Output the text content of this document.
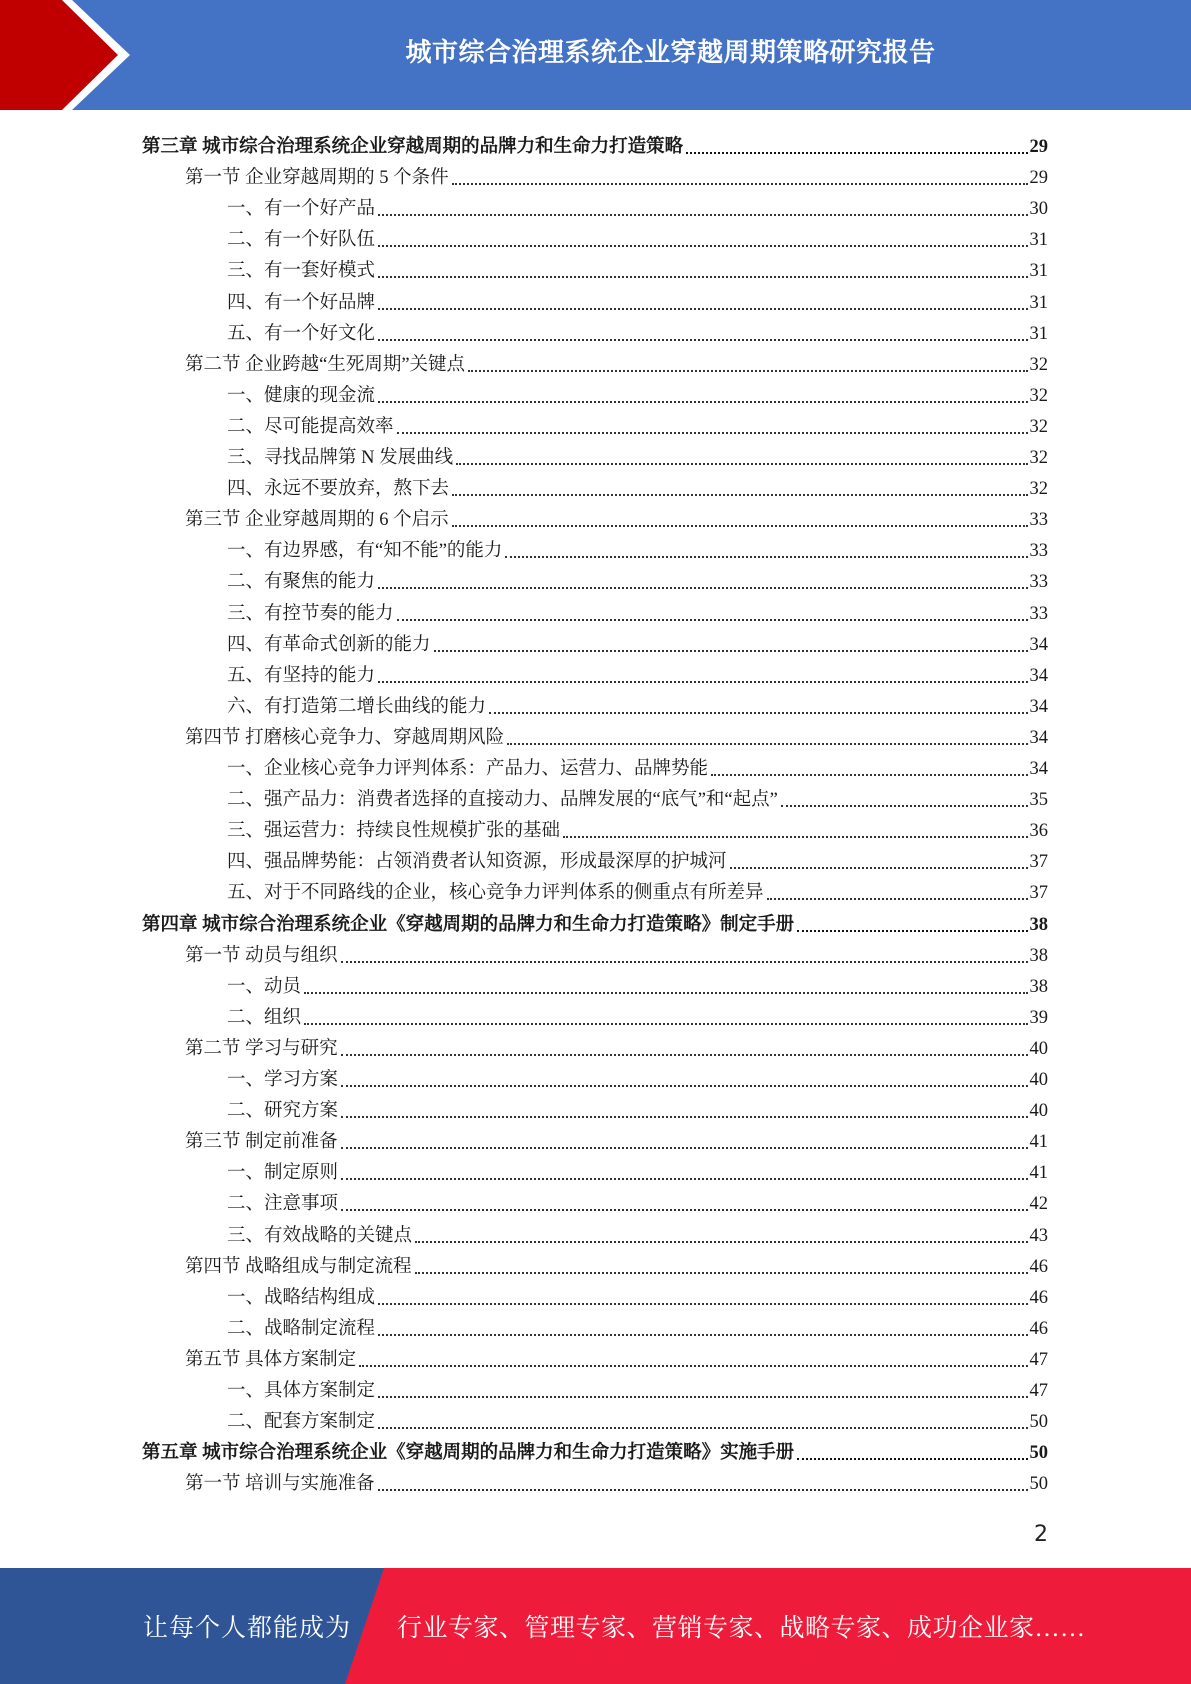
城市综合治理系统企业穿越周期策略研究报告
第三章 城市综合治理系统企业穿越周期的品牌力和生命力打造策略	29
第一节 企业穿越周期的 5 个条件	29
一、有一个好产品	30
二、有一个好队伍	31
三、有一套好模式	31
四、有一个好品牌	31
五、有一个好文化	31
第二节 企业跨越“生死周期”关键点	32
一、健康的现金流	32
二、尽可能提高效率	32
三、寻找品牌第 N 发展曲线	32
四、永远不要放弃，熬下去	32
第三节 企业穿越周期的 6 个启示	33
一、有边界感，有“知不能”的能力	33
二、有聚焦的能力	33
三、有控节奏的能力	33
四、有革命式创新的能力	34
五、有坚持的能力	34
六、有打造第二增长曲线的能力	34
第四节 打磨核心竞争力、穿越周期风险	34
一、企业核心竞争力评判体系：产品力、运营力、品牌势能	34
二、强产品力：消费者选择的直接动力、品牌发展的“底气”和“起点”	35
三、强运营力：持续良性规模扩张的基础	36
四、强品牌势能：占领消费者认知资源，形成最深厚的护城河	37
五、对于不同路线的企业，核心竞争力评判体系的侧重点有所差异	37
第四章 城市综合治理系统企业《穿越周期的品牌力和生命力打造策略》制定手册	38
第一节 动员与组织	38
一、动员	38
二、组织	39
第二节 学习与研究	40
一、学习方案	40
二、研究方案	40
第三节 制定前准备	41
一、制定原则	41
二、注意事项	42
三、有效战略的关键点	43
第四节 战略组成与制定流程	46
一、战略结构组成	46
二、战略制定流程	46
第五节 具体方案制定	47
一、具体方案制定	47
二、配套方案制定	50
第五章 城市综合治理系统企业《穿越周期的品牌力和生命力打造策略》实施手册	50
第一节 培训与实施准备	50
2
让每个人都能成为 行业专家、管理专家、营销专家、战略专家、成功企业家……
